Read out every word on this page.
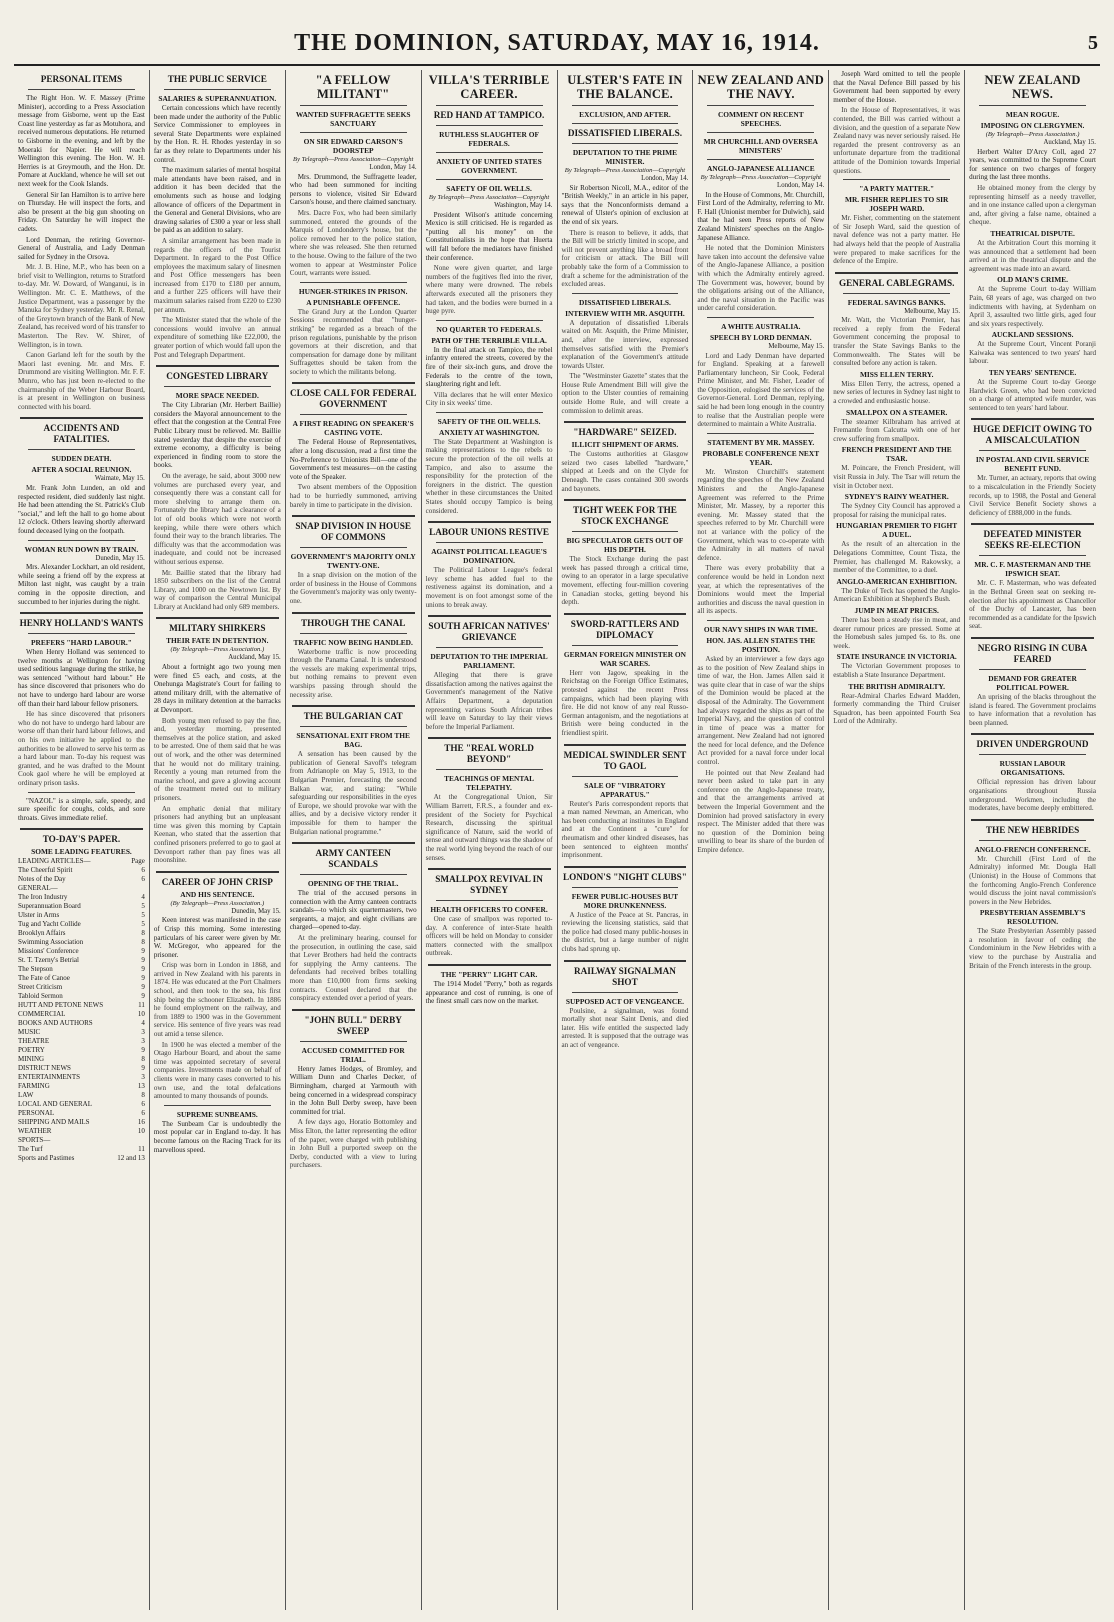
THE DOMINION, SATURDAY, MAY 16, 1914.	5
PERSONAL ITEMS

The Right Hon. W. F. Massey (Prime Minister), according to a Press Association message from Gisborne, went up the East Coast line yesterday as far as Motuhora, and received numerous deputations. He returned to Gisborne in the evening, and left by the Moeraki for Napier. He will reach Wellington this evening. The Hon. W. H. Herries is at Greymouth, and the Hon. Dr. Pomare at Auckland, whence he will set out next week for the Cook Islands.

General Sir Ian Hamilton is to arrive here on Thursday. He will inspect the forts, and also be present at the big gun shooting on Friday. On Saturday he will inspect the cadets.

Lord Denman, the retiring Governor-General of Australia, and Lady Denman sailed for Sydney in the Orsova.

Mr. J. B. Hine, M.P., who has been on a brief visit to Wellington, returns to Stratford to-day. Mr. W. Doward, of Wanganui, is in Wellington. Mr. C. E. Matthews, of the Justice Department, was a passenger by the Manuka for Sydney yesterday. Mr. R. Renal, of the Greytown branch of the Bank of New Zealand, has received word of his transfer to Masterton. The Rev. W. Shirer, of Wellington, is in town.

Canon Garland left for the south by the Maori last evening. Mr. and Mrs. F. Drummond are visiting Wellington. Mr. F. F. Munro, who has just been re-elected to the chairmanship of the Weber Harbour Board, is at present in Wellington on business connected with his board.

ACCIDENTS AND FATALITIES.
SUDDEN DEATH.
AFTER A SOCIAL REUNION.
Waimate, May 15.

Mr. Frank John Lunden, an old and respected resident, died suddenly last night. He had been attending the St. Patrick's Club "social," and left the hall to go home about 12 o'clock. Others leaving shortly afterward found deceased lying on the footpath.

WOMAN RUN DOWN BY TRAIN.
Dunedin, May 15.

Mrs. Alexander Lockhart, an old resident, while seeing a friend off by the express at Milton last night, was caught by a train coming in the opposite direction, and succumbed to her injuries during the night.

HENRY HOLLAND'S WANTS
PREFERS "HARD LABOUR."

When Henry Holland was sentenced to twelve months at Wellington for having used seditious language during the strike, he was sentenced "without hard labour." He has since discovered that prisoners who do not have to undergo hard labour are worse off than their hard labour fellow prisoners.

He has since discovered that prisoners who do not have to undergo hard labour are worse off than their hard labour fellows, and on his own initiative he applied to the authorities to be allowed to serve his term as a hard labour man. To-day his request was granted, and he was drafted to the Mount Cook gaol where he will be employed at ordinary prison tasks.

"NAZOL" is a simple, safe, speedy, and sure speeific for coughs, colds, and sore throats. Gives immediate relief.

TO-DAY'S PAPER.
SOME LEADING FEATURES.
LEADING ARTICLES—	Page
The Cheerful Spirit	6
Notes of the Day	6
GENERAL—
The Iron Industry	4
Superannuation Board	5
Ulster in Arms	5
Tug and Yacht Collide	5
Brooklyn Affairs	8
Swimming Association	8
Missions' Conference	9
St. T. Tzerny's Betrial	9
The Stepson	9
The Fate of Canoe	9
Street Criticism	9
Tabloid Sermon	9
HUTT AND PETONE NEWS	11
COMMERCIAL	10
BOOKS AND AUTHORS	4
MUSIC	3
THEATRE	3
POETRY	9
MINING	8
DISTRICT NEWS	9
ENTERTAINMENTS	3
FARMING	13
LAW	8
LOCAL AND GENERAL	6
PERSONAL	6
SHIPPING AND MAILS	16
WEATHER	10
SPORTS—
The Turf	11
Sports and Pastimes	12 and 13
THE PUBLIC SERVICE
SALARIES & SUPERANNUATION.

Certain concessions which have recently been made under the authority of the Public Service Commissioner to employees in several State Departments were explained by the Hon. R. H. Rhodes yesterday in so far as they relate to Departments under his control.

The maximum salaries of mental hospital male attendants have been raised, and in addition it has been decided that the emoluments such as house and lodging allowance of officers of the Department in the General and General Divisions, who are drawing salaries of £300 a year or less shall be paid as an addition to salary.

A similar arrangement has been made in regards the officers of the Tourist Department. In regard to the Post Office employees the maximum salary of linesmen and Post Office messengers has been increased from £170 to £180 per annum, and a further 225 officers will have their maximum salaries raised from £220 to £230 per annum.

The Minister stated that the whole of the concessions would involve an annual expenditure of something like £22,000, the greater portion of which would fall upon the Post and Telegraph Department.

CONGESTED LIBRARY
MORE SPACE NEEDED.

The City Librarian (Mr. Herbert Baillie) considers the Mayoral announcement to the effect that the congestion at the Central Free Public Library must be relieved. Mr. Baillie stated yesterday that despite the exercise of extreme economy, a difficulty is being experienced in finding room to store the books.

On the average, he said, about 3000 new volumes are purchased every year, and consequently there was a constant call for more shelving to arrange them on. Fortunately the library had a clearance of a lot of old books which were not worth keeping, while there were others which found their way to the branch libraries. The difficulty was that the accommodation was inadequate, and could not be increased without serious expense.

Mr. Baillie stated that the library had 1850 subscribers on the list of the Central Library, and 1000 on the Newtown list. By way of comparison the Central Municipal Library at Auckland had only 689 members.

MILITARY SHIRKERS
THEIR FATE IN DETENTION.
(By Telegraph—Press Association.)
Auckland, May 15.

About a fortnight ago two young men were fined £5 each, and costs, at the Onehunga Magistrate's Court for failing to attend military drill, with the alternative of 28 days in military detention at the barracks at Devonport.

Both young men refused to pay the fine, and, yesterday morning, presented themselves at the police station, and asked to be arrested. One of them said that he was out of work, and the other was determined that he would not do military training. Recently a young man returned from the marine school, and gave a glowing account of the treatment meted out to military prisoners.

An emphatic denial that military prisoners had anything but an unpleasant time was given this morning by Captain Keenan, who stated that the assertion that confined prisoners preferred to go to gaol at Devonport rather than pay fines was all moonshine.

CAREER OF JOHN CRISP
AND HIS SENTENCE.
(By Telegraph—Press Association.)
Dunedin, May 15.

Keen interest was manifested in the case of Crisp this morning. Some interesting particulars of his career were given by Mr. W. McGregor, who appeared for the prisoner.

Crisp was born in London in 1868, and arrived in New Zealand with his parents in 1874. He was educated at the Port Chalmers school, and then took to the sea, his first ship being the schooner Elizabeth. In 1886 he found employment on the railway, and from 1889 to 1900 was in the Government service. His sentence of five years was read out amid a tense silence.

In 1900 he was elected a member of the Otago Harbour Board, and about the same time was appointed secretary of several companies. Investments made on behalf of clients were in many cases converted to his own use, and the total defalcations amounted to many thousands of pounds.

SUPREME SUNBEAMS.

The Sunbeam Car is undoubtedly the most popular car in England to-day. It has become famous on the Racing Track for its marvellous speed.

"A FELLOW MILITANT"
WANTED SUFFRAGETTE SEEKS SANCTUARY
ON SIR EDWARD CARSON'S DOORSTEP
By Telegraph—Press Association—Copyright
London, May 14.

Mrs. Drummond, the Suffragette leader, who had been summoned for inciting persons to violence, visited Sir Edward Carson's house, and there claimed sanctuary.

Mrs. Dacre Fox, who had been similarly summoned, entered the grounds of the Marquis of Londonderry's house, but the police removed her to the police station, where she was released. She then returned to the house. Owing to the failure of the two women to appear at Westminster Police Court, warrants were issued.

HUNGER-STRIKES IN PRISON.
A PUNISHABLE OFFENCE.

The Grand Jury at the London Quarter Sessions recommended that "hunger-striking" be regarded as a breach of the prison regulations, punishable by the prison governors at their discretion, and that compensation for damage done by militant Suffragettes should be taken from the society to which the militants belong.

CLOSE CALL FOR FEDERAL GOVERNMENT
A FIRST READING ON SPEAKER'S CASTING VOTE.

The Federal House of Representatives, after a long discussion, read a first time the No-Preference to Unionists Bill—one of the Government's test measures—on the casting vote of the Speaker.

Two absent members of the Opposition had to be hurriedly summoned, arriving barely in time to participate in the division.

SNAP DIVISION IN HOUSE OF COMMONS
GOVERNMENT'S MAJORITY ONLY TWENTY-ONE.

In a snap division on the motion of the order of business in the House of Commons the Government's majority was only twenty-one.

THROUGH THE CANAL
TRAFFIC NOW BEING HANDLED.

Waterborne traffic is now proceeding through the Panama Canal. It is understood the vessels are making experimental trips, but nothing remains to prevent even warships passing through should the necessity arise.

THE BULGARIAN CAT
SENSATIONAL EXIT FROM THE BAG.

A sensation has been caused by the publication of General Savoff's telegram from Adrianople on May 5, 1913, to the Bulgarian Premier, forecasting the second Balkan war, and stating: "While safeguarding our responsibilities in the eyes of Europe, we should provoke war with the allies, and by a decisive victory render it impossible for them to hamper the Bulgarian national programme."

ARMY CANTEEN SCANDALS
OPENING OF THE TRIAL.

The trial of the accused persons in connection with the Army canteen contracts scandals—to which six quartermasters, two sergeants, a major, and eight civilians are charged—opened to-day.

At the preliminary hearing, counsel for the prosecution, in outlining the case, said that Lever Brothers had held the contracts for supplying the Army canteens. The defendants had received bribes totalling more than £10,000 from firms seeking contracts. Counsel declared that the conspiracy extended over a period of years.

"JOHN BULL" DERBY SWEEP
ACCUSED COMMITTED FOR TRIAL.

Henry James Hodges, of Bromley, and William Dunn and Charles Decker, of Birmingham, charged at Yarmouth with being concerned in a widespread conspiracy in the John Bull Derby sweep, have been committed for trial.

A few days ago, Horatio Bottomley and Miss Elton, the latter representing the editor of the paper, were charged with publishing in John Bull a purported sweep on the Derby, conducted with a view to luring purchasers.

VILLA'S TERRIBLE CAREER.
RED HAND AT TAMPICO.
RUTHLESS SLAUGHTER OF FEDERALS.
ANXIETY OF UNITED STATES GOVERNMENT.
SAFETY OF OIL WELLS.
By Telegraph—Press Association—Copyright
Washington, May 14.

President Wilson's attitude concerning Mexico is still criticised. He is regarded as "putting all his money" on the Constitutionalists in the hope that Huerta will fall before the mediators have finished their conference.

None were given quarter, and large numbers of the fugitives fled into the river, where many were drowned. The rebels afterwards executed all the prisoners they had taken, and the bodies were burned in a huge pyre.

NO QUARTER TO FEDERALS.
PATH OF THE TERRIBLE VILLA.

In the final attack on Tampico, the rebel infantry entered the streets, covered by the fire of their six-inch guns, and drove the Federals to the centre of the town, slaughtering right and left.

Villa declares that he will enter Mexico City in six weeks' time.

SAFETY OF THE OIL WELLS.
ANXIETY AT WASHINGTON.

The State Department at Washington is making representations to the rebels to secure the protection of the oil wells at Tampico, and also to assume the responsibility for the protection of the foreigners in the district. The question whether in these circumstances the United States should occupy Tampico is being considered.

LABOUR UNIONS RESTIVE
AGAINST POLITICAL LEAGUE'S DOMINATION.

The Political Labour League's federal levy scheme has added fuel to the restiveness against its domination, and a movement is on foot amongst some of the unions to break away.

SOUTH AFRICAN NATIVES' GRIEVANCE
DEPUTATION TO THE IMPERIAL PARLIAMENT.

Alleging that there is grave dissatisfaction among the natives against the Government's management of the Native Affairs Department, a deputation representing various South African tribes will leave on Saturday to lay their views before the Imperial Parliament.

THE "REAL WORLD BEYOND"
TEACHINGS OF MENTAL TELEPATHY.

At the Congregational Union, Sir William Barrett, F.R.S., a founder and ex-president of the Society for Psychical Research, discussing the spiritual significance of Nature, said the world of sense and outward things was the shadow of the real world lying beyond the reach of our senses.

SMALLPOX REVIVAL IN SYDNEY
HEALTH OFFICERS TO CONFER.

One case of smallpox was reported to-day. A conference of inter-State health officers will be held on Monday to consider matters connected with the smallpox outbreak.

THE "PERRY" LIGHT CAR.

The 1914 Model "Perry," both as regards appearance and cost of running, is one of the finest small cars now on the market.

ULSTER'S FATE IN THE BALANCE.
EXCLUSION, AND AFTER.
DISSATISFIED LIBERALS.
DEPUTATION TO THE PRIME MINISTER.
By Telegraph—Press Association—Copyright
London, May 14.

Sir Robertson Nicoll, M.A., editor of the "British Weekly," in an article in his paper, says that the Nonconformists demand a renewal of Ulster's opinion of exclusion at the end of six years.

There is reason to believe, it adds, that the Bill will be strictly limited in scope, and will not prevent anything like a broad front for criticism or attack. The Bill will probably take the form of a Commission to draft a scheme for the administration of the excluded areas.

DISSATISFIED LIBERALS.
INTERVIEW WITH MR. ASQUITH.

A deputation of dissatisfied Liberals waited on Mr. Asquith, the Prime Minister, and, after the interview, expressed themselves satisfied with the Premier's explanation of the Government's attitude towards Ulster.

The "Westminster Gazette" states that the House Rule Amendment Bill will give the option to the Ulster counties of remaining outside Home Rule, and will create a commission to delimit areas.

"HARDWARE" SEIZED.
ILLICIT SHIPMENT OF ARMS.

The Customs authorities at Glasgow seized two cases labelled "hardware," shipped at Leeds and on the Clyde for Deneagh. The cases contained 300 swords and bayonets.

TIGHT WEEK FOR THE STOCK EXCHANGE
BIG SPECULATOR GETS OUT OF HIS DEPTH.

The Stock Exchange during the past week has passed through a critical time, owing to an operator in a large speculative movement, effecting four-million covering in Canadian stocks, getting beyond his depth.

SWORD-RATTLERS AND DIPLOMACY
GERMAN FOREIGN MINISTER ON WAR SCARES.

Herr von Jagow, speaking in the Reichstag on the Foreign Office Estimates, protested against the recent Press campaigns, which had been playing with fire. He did not know of any real Russo-German antagonism, and the negotiations at British were being conducted in the friendliest spirit.

MEDICAL SWINDLER SENT TO GAOL
SALE OF "VIBRATORY APPARATUS."

Reuter's Paris correspondent reports that a man named Newman, an American, who has been conducting at institutes in England and at the Continent a "cure" for rheumatism and other kindred diseases, has been sentenced to eighteen months' imprisonment.

LONDON'S "NIGHT CLUBS"
FEWER PUBLIC-HOUSES BUT MORE DRUNKENNESS.

A Justice of the Peace at St. Pancras, in reviewing the licensing statistics, said that the police had closed many public-houses in the district, but a large number of night clubs had sprung up.

RAILWAY SIGNALMAN SHOT
SUPPOSED ACT OF VENGEANCE.

Poulsine, a signalman, was found mortally shot near Saint Denis, and died later. His wife entitled the suspected lady arrested. It is supposed that the outrage was an act of vengeance.

NEW ZEALAND AND THE NAVY.
COMMENT ON RECENT SPEECHES.
MR CHURCHILL AND OVERSEA MINISTERS'
ANGLO-JAPANESE ALLIANCE
By Telegraph—Press Association—Copyright
London, May 14.

In the House of Commons, Mr. Churchill, First Lord of the Admiralty, referring to Mr. F. Hall (Unionist member for Dulwich), said that he had seen Press reports of New Zealand Ministers' speeches on the Anglo-Japanese Alliance.

He noted that the Dominion Ministers have taken into account the defensive value of the Anglo-Japanese Alliance, a position with which the Admiralty entirely agreed. The Government was, however, bound by the obligations arising out of the Alliance, and the naval situation in the Pacific was under careful consideration.

A WHITE AUSTRALIA.
SPEECH BY LORD DENMAN.
Melbourne, May 15.

Lord and Lady Denman have departed for England. Speaking at a farewell Parliamentary luncheon, Sir Cook, Federal Prime Minister, and Mr. Fisher, Leader of the Opposition, eulogised the services of the Governor-General. Lord Denman, replying, said he had been long enough in the country to realise that the Australian people were determined to maintain a White Australia.

STATEMENT BY MR. MASSEY.
PROBABLE CONFERENCE NEXT YEAR.

Mr. Winston Churchill's statement regarding the speeches of the New Zealand Ministers and the Anglo-Japanese Agreement was referred to the Prime Minister, Mr. Massey, by a reporter this evening. Mr. Massey stated that the speeches referred to by Mr. Churchill were not at variance with the policy of the Government, which was to co-operate with the Admiralty in all matters of naval defence.

There was every probability that a conference would be held in London next year, at which the representatives of the Dominions would meet the Imperial authorities and discuss the naval question in all its aspects.

OUR NAVY SHIPS IN WAR TIME.
HON. JAS. ALLEN STATES THE POSITION.

Asked by an interviewer a few days ago as to the position of New Zealand ships in time of war, the Hon. James Allen said it was quite clear that in case of war the ships of the Dominion would be placed at the disposal of the Admiralty. The Government had always regarded the ships as part of the Imperial Navy, and the question of control in time of peace was a matter for arrangement. New Zealand had not ignored the need for local defence, and the Defence Act provided for a naval force under local control.

He pointed out that New Zealand had never been asked to take part in any conference on the Anglo-Japanese treaty, and that the arrangements arrived at between the Imperial Government and the Dominion had proved satisfactory in every respect. The Minister added that there was no question of the Dominion being unwilling to bear its share of the burden of Empire defence.

Joseph Ward omitted to tell the people that the Naval Defence Bill passed by his Government had been supported by every member of the House.

In the House of Representatives, it was contended, the Bill was carried without a division, and the question of a separate New Zealand navy was never seriously raised. He regarded the present controversy as an unfortunate departure from the traditional attitude of the Dominion towards Imperial questions.

"A PARTY MATTER."
MR. FISHER REPLIES TO SIR JOSEPH WARD.

Mr. Fisher, commenting on the statement of Sir Joseph Ward, said the question of naval defence was not a party matter. He had always held that the people of Australia were prepared to make sacrifices for the defence of the Empire.

GENERAL CABLEGRAMS.
FEDERAL SAVINGS BANKS.
Melbourne, May 15.

Mr. Watt, the Victorian Premier, has received a reply from the Federal Government concerning the proposal to transfer the State Savings Banks to the Commonwealth. The States will be consulted before any action is taken.

MISS ELLEN TERRY.

Miss Ellen Terry, the actress, opened a new series of lectures in Sydney last night to a crowded and enthusiastic house.

SMALLPOX ON A STEAMER.

The steamer Kilbraham has arrived at Fremantle from Calcutta with one of her crew suffering from smallpox.

FRENCH PRESIDENT AND THE TSAR.

M. Poincare, the French President, will visit Russia in July. The Tsar will return the visit in October next.

SYDNEY'S RAINY WEATHER.

The Sydney City Council has approved a proposal for raising the municipal rates.

HUNGARIAN PREMIER TO FIGHT A DUEL.

As the result of an altercation in the Delegations Committee, Count Tisza, the Premier, has challenged M. Rakowsky, a member of the Committee, to a duel.

ANGLO-AMERICAN EXHIBITION.

The Duke of Teck has opened the Anglo-American Exhibition at Shepherd's Bush.

JUMP IN MEAT PRICES.

There has been a steady rise in meat, and dearer rumour prices are pressed. Some at the Homebush sales jumped 6s. to 8s. one week.

STATE INSURANCE IN VICTORIA.

The Victorian Government proposes to establish a State Insurance Department.

THE BRITISH ADMIRALTY.

Rear-Admiral Charles Edward Madden, formerly commanding the Third Cruiser Squadron, has been appointed Fourth Sea Lord of the Admiralty.

NEW ZEALAND NEWS.
MEAN ROGUE.
IMPOSING ON CLERGYMEN.
(By Telegraph—Press Association.)
Auckland, May 15.

Herbert Walter D'Arcy Coll, aged 27 years, was committed to the Supreme Court for sentence on two charges of forgery during the last three months.

He obtained money from the clergy by representing himself as a needy traveller, and in one instance called upon a clergyman and, after giving a false name, obtained a cheque.

THEATRICAL DISPUTE.

At the Arbitration Court this morning it was announced that a settlement had been arrived at in the theatrical dispute and the agreement was made into an award.

OLD MAN'S CRIME.

At the Supreme Court to-day William Pain, 68 years of age, was charged on two indictments with having, at Sydenham on April 3, assaulted two little girls, aged four and six years respectively.

AUCKLAND SESSIONS.

At the Supreme Court, Vincent Poranji Kaiwaka was sentenced to two years' hard labour.

TEN YEARS' SENTENCE.

At the Supreme Court to-day George Hardwick Green, who had been convicted on a charge of attempted wife murder, was sentenced to ten years' hard labour.

HUGE DEFICIT OWING TO A MISCALCULATION
IN POSTAL AND CIVIL SERVICE BENEFIT FUND.

Mr. Turner, an actuary, reports that owing to a miscalculation in the Friendly Society records, up to 1908, the Postal and General Civil Service Benefit Society shows a deficiency of £888,000 in the funds.

DEFEATED MINISTER SEEKS RE-ELECTION
MR. C. F. MASTERMAN AND THE IPSWICH SEAT.

Mr. C. F. Masterman, who was defeated in the Bethnal Green seat on seeking re-election after his appointment as Chancellor of the Duchy of Lancaster, has been recommended as a candidate for the Ipswich seat.

NEGRO RISING IN CUBA FEARED
DEMAND FOR GREATER POLITICAL POWER.

An uprising of the blacks throughout the island is feared. The Government proclaims to have information that a revolution has been planned.

DRIVEN UNDERGROUND
RUSSIAN LABOUR ORGANISATIONS.

Official repression has driven labour organisations throughout Russia underground. Workmen, including the moderates, have become deeply embittered.

THE NEW HEBRIDES
ANGLO-FRENCH CONFERENCE.

Mr. Churchill (First Lord of the Admiralty) informed Mr. Dougla Hall (Unionist) in the House of Commons that the forthcoming Anglo-French Conference would discuss the joint naval commission's powers in the New Hebrides.

PRESBYTERIAN ASSEMBLY'S RESOLUTION.

The State Presbyterian Assembly passed a resolution in favour of ceding the Condominium in the New Hebrides with a view to the purchase by Australia and Britain of the French interests in the group.
